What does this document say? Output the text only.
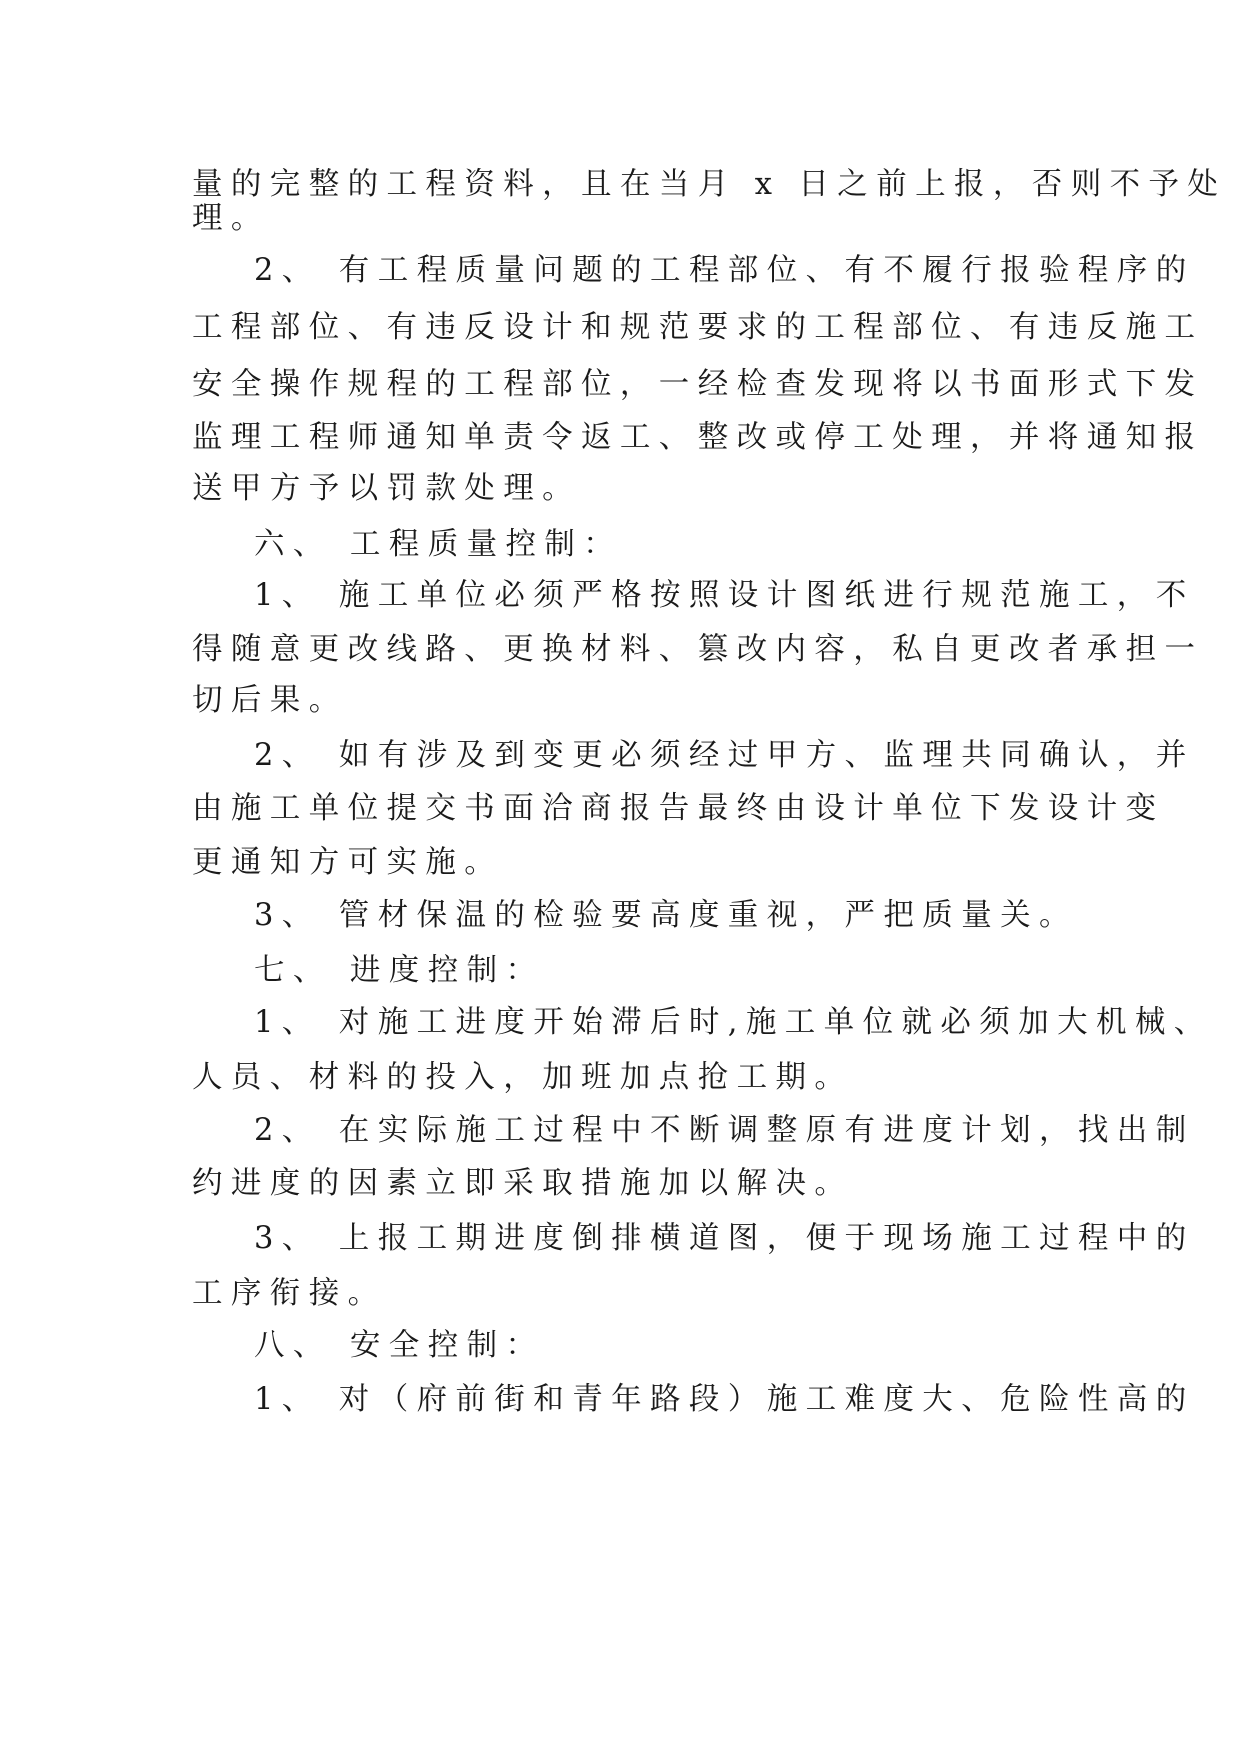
量的完整的工程资料，且在当月 x 日之前上报，否则不予处
理。
2、 有工程质量问题的工程部位、有不履行报验程序的
工程部位、有违反设计和规范要求的工程部位、有违反施工
安全操作规程的工程部位，一经检查发现将以书面形式下发
监理工程师通知单责令返工、整改或停工处理，并将通知报
送甲方予以罚款处理。
六、 工程质量控制：
1、 施工单位必须严格按照设计图纸进行规范施工，不
得随意更改线路、更换材料、篡改内容，私自更改者承担一
切后果。
2、 如有涉及到变更必须经过甲方、监理共同确认，并
由施工单位提交书面洽商报告最终由设计单位下发设计变
更通知方可实施。
3、 管材保温的检验要高度重视，严把质量关。
七、 进度控制：
1、 对施工进度开始滞后时,施工单位就必须加大机械、
人员、材料的投入，加班加点抢工期。
2、 在实际施工过程中不断调整原有进度计划，找出制
约进度的因素立即采取措施加以解决。
3、 上报工期进度倒排横道图，便于现场施工过程中的
工序衔接。
八、 安全控制：
1、 对（府前街和青年路段）施工难度大、危险性高的
